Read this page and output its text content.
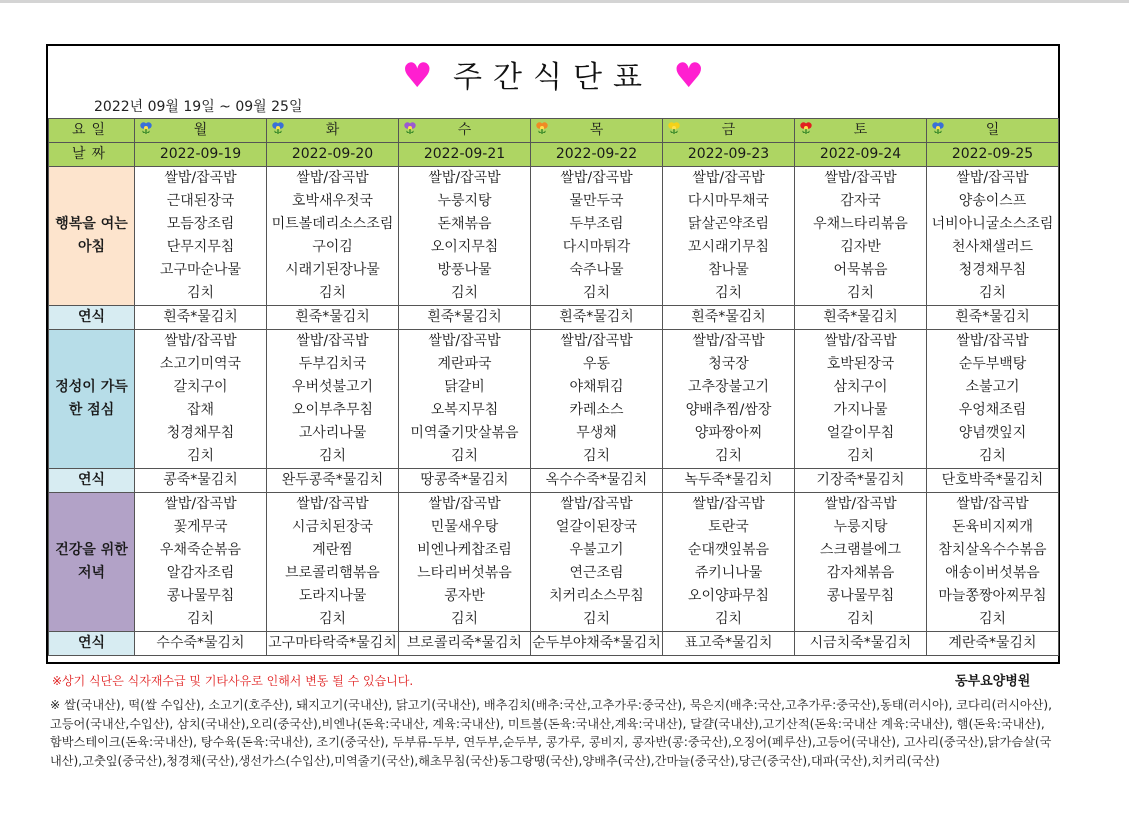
♥ 주간식단표 ♥
2022년 09월 19일 ~ 09월 25일
요일	월	화	수	목	금	토	일

날짜	2022-09-19	2022-09-20	2022-09-21	2022-09-22	2022-09-23	2022-09-24	2022-09-25
행복을 여는 아침	쌀밥/잡곡밥	쌀밥/잡곡밥	쌀밥/잡곡밥	쌀밥/잡곡밥	쌀밥/잡곡밥	쌀밥/잡곡밥	쌀밥/잡곡밥
	근대된장국	호박새우젓국	누룽지탕	물만두국	다시마무채국	감자국	양송이스프
	모듬장조림	미트볼데리소스조림	돈채볶음	두부조림	닭살곤약조림	우채느타리볶음	너비아니굴소스조림
	단무지무침	구이김	오이지무침	다시마튀각	꼬시래기무침	김자반	천사채샐러드
	고구마순나물	시래기된장나물	방풍나물	숙주나물	참나물	어묵볶음	청경채무침
	김치	김치	김치	김치	김치	김치	김치
연식	흰죽*물김치	흰죽*물김치	흰죽*물김치	흰죽*물김치	흰죽*물김치	흰죽*물김치	흰죽*물김치
정성이 가득한 점심	쌀밥/잡곡밥	쌀밥/잡곡밥	쌀밥/잡곡밥	쌀밥/잡곡밥	쌀밥/잡곡밥	쌀밥/잡곡밥	쌀밥/잡곡밥
	소고기미역국	두부김치국	계란파국	우동	청국장	호박된장국	순두부백탕
	갈치구이	우버섯불고기	닭갈비	야채튀김	고추장불고기	삼치구이	소불고기
	잡채	오이부추무침	오복지무침	카레소스	양배추찜/쌈장	가지나물	우엉채조림
	청경채무침	고사리나물	미역줄기맛살볶음	무생채	양파짱아찌	얼갈이무침	양념깻잎지
	김치	김치	김치	김치	김치	김치	김치
연식	콩죽*물김치	완두콩죽*물김치	땅콩죽*물김치	옥수수죽*물김치	녹두죽*물김치	기장죽*물김치	단호박죽*물김치
건강을 위한 저녁	쌀밥/잡곡밥	쌀밥/잡곡밥	쌀밥/잡곡밥	쌀밥/잡곡밥	쌀밥/잡곡밥	쌀밥/잡곡밥	쌀밥/잡곡밥
	꽃게무국	시금치된장국	민물새우탕	얼갈이된장국	토란국	누룽지탕	돈육비지찌개
	우채죽순볶음	계란찜	비엔나케찹조림	우불고기	순대깻잎볶음	스크램블에그	참치살옥수수볶음
	알감자조림	브로콜리햄볶음	느타리버섯볶음	연근조림	쥬키니나물	감자채볶음	애송이버섯볶음
	콩나물무침	도라지나물	콩자반	치커리소스무침	오이양파무침	콩나물무침	마늘쫑짱아찌무침
	김치	김치	김치	김치	김치	김치	김치
연식	수수죽*물김치	고구마타락죽*물김치	브로콜리죽*물김치	순두부야채죽*물김치	표고죽*물김치	시금치죽*물김치	계란죽*물김치
※상기 식단은 식자재수급 및 기타사유로 인해서 변동 될 수 있습니다.	동부요양병원
※ 쌀(국내산), 떡(쌀 수입산), 소고기(호주산), 돼지고기(국내산), 닭고기(국내산), 배추김치(배추:국산,고추가루:중국산), 묵은지(배추:국산,고추가루:중국산),동태(러시아), 코다리(러시아산), 고등어(국내산,수입산), 삼치(국내산),오리(중국산),비엔나(돈육:국내산, 계육:국내산), 미트볼(돈육:국내산,계육:국내산), 달걀(국내산),고기산적(돈육:국내산 계육:국내산), 햄(돈육:국내산), 함박스테이크(돈육:국내산), 탕수육(돈육:국내산), 조기(중국산), 두부류-두부, 연두부,순두부, 콩가루, 콩비지, 콩자반(콩:중국산),오징어(페루산),고등어(국내산), 고사리(중국산),닭가슴살(국내산),고춧잎(중국산),청경채(국산),생선가스(수입산),미역줄기(국산),해초무침(국산)동그랑땡(국산),양배추(국산),간마늘(중국산),당근(중국산),대파(국산),치커리(국산)
